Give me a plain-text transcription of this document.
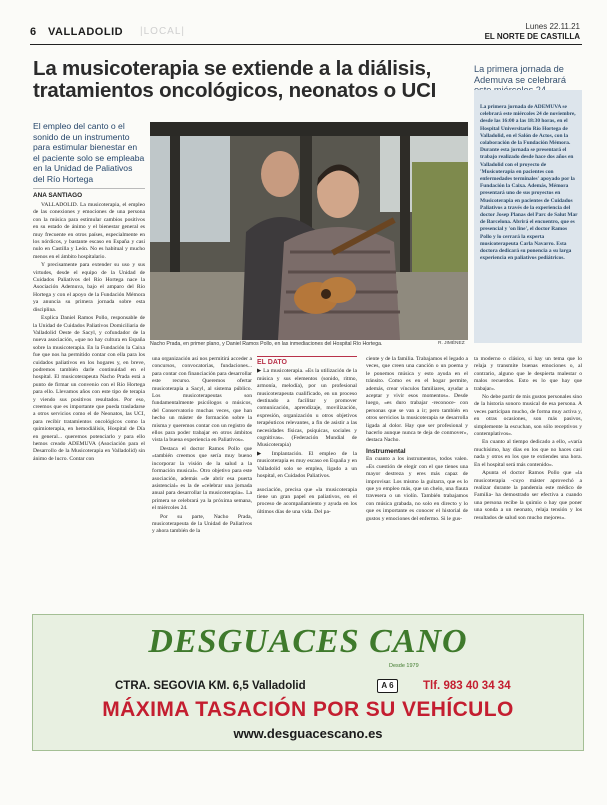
6 VALLADOLID |LOCAL|	Lunes 22.11.21
EL NORTE DE CASTILLA
La musicoterapia se extiende a la diálisis, tratamientos oncológicos, neonatos o UCI
El empleo del canto o el sonido de un instrumento para estimular bienestar en el paciente solo se empleaba en la Unidad de Paliativos del Río Hortega
ANA SANTIAGO

VALLADOLID. La musicoterapia, el empleo de las conexiones y emociones de una persona con la música para estimular cambios positivos en su estado de ánimo y el bienestar general es muy frecuente en otros países, especialmente en los nórdicos, y bastante escaso en España y casi nulo en Castilla y León. No es habitual y mucho menos en el ámbito hospitalario.

Y precisamente para extender su uso y sus virtudes, desde el equipo de la Unidad de Cuidados Paliativos del Río Hortega nace la Asociación Ademuva, bajo el amparo del Río Hortega y con el apoyo de la Fundación Mémora ya anuncia su primera jornada sobre esta disciplina.

Explica Daniel Ramos Pollo, responsable de la Unidad de Cuidados Paliativos Domiciliaria de Valladolid Oeste de Sacyl, y cofundador de la nueva asociación, «que no hay cultura en España sobre la musicoterapia. En la Fundación la Caixa fue que nos ha permitido contar con ella para los cuidados paliativos en los hogares y, en breve, podremos también darle continuidad en el hospital. El musicoterapeuta Nacho Prada está a punto de firmar un convenio con el Río Hortega para ello. Llevamos años con este tipo de terapia y viendo sus positivos resultados. Por eso, creemos que es importante que pueda trasladarse a otros servicios como el de Neonatos, las UCI, para recibir tratamientos oncológicos como la quimioterapia, en hemodiálisis, Hospital de Día en general... queremos potenciarlo y para ello hemos creado ADEMUVA (Asociación para el Desarrollo de la Musicoterapia en Valladolid) sin ánimo de lucro. Contar con

Nacho Prada, en primer plano, y Daniel Ramos Pollo, en las inmediaciones del Hospital Río Hortega.	R. JIMÉNEZ
La primera jornada de Ademuva se celebrará

La primera jornada de ADEMUVA se celebrará este miércoles 24 de noviembre, desde las 16:00 a las 18:30 horas, en el Hospital Universitario Río Hortega de Valladolid, en el Salón de Actos, con la colaboración de la Fundación Mémora. Durante esta jornada se presentará el trabajo realizado desde hace dos años en Valladolid con el proyecto de 'Musicoterapia en pacientes con enfermedades terminales' apoyado por la Fundación la Caixa. Además, Mémora presentará uno de sus proyectos en Musicoterapia en pacientes de Cuidados Paliativos a través de la experiencia del doctor Josep Planas del Parc de Salut Mar de Barcelona. Abrirá el encuentro, que es presencial y 'on line', el doctor Ramos Pollo y lo cerrará la experta musicoterapeuta Carla Navarro. Esta doctora dedicará su ponencia a su larga experiencia en paliativos pediátricos.

una organización así nos permitirá acceder a concursos, convocatorias, fundaciones... para contar con financiación para desarrollar este recurso. Queremos ofertar musicoterapia a Sacyl, al sistema público. Los musicoterapeutas son fundamentalmente psicólogos o músicos, del Conservatorio muchas veces, que han hecho un máster de formación sobre la misma y queremos contar con un registro de ellos para poder trabajar en otros ámbitos vista la buena experiencia en Paliativos».

Destaca el doctor Ramos Pollo que «también creemos que sería muy bueno incorporar la visión de la salud a la formación musical». Otro objetivo para este asociación, además «de abrir esa puerta asistencial» es la de «celebrar una jornada anual para desarrollar la musicoterapia». La primera se celebrará ya la próxima semana, el miércoles 24.

Por su parte, Nacho Prada, musicoterapeuta de la Unidad de Paliativos y ahora también de la

EL DATO

▶ La musicoterapia. «Es la utilización de la música y sus elementos (sonido, ritmo, armonía, melodía), por un profesional musicoterapeuta cualificado, en un proceso destinado a facilitar y promover comunicación, aprendizaje, movilización, expresión, organización u otros objetivos terapéuticos relevantes, a fin de asistir a las necesidades físicas, psíquicas, sociales y cognitivas». (Federación Mundial de Musicoterapia)

▶ Implantación. El empleo de la musicoterapia es muy escaso en España y en Valladolid solo se emplea, ligado a un hospital, en Cuidados Paliativos.

asociación, precisa que «la musicoterapia tiene un gran papel en paliativos, en el proceso de acompañamiento y ayuda en los últimos días de una vida. Del pa-

ciente y de la familia. Trabajamos el legado a veces, que creen una canción o un poema y le ponemos música y esto ayuda en el tránsito. Como es en el hogar permite, además, crear vínculos familiares, ayudar a aceptar y vivir esos momentos». Desde luego, «es duro trabajar -reconoce- con personas que se van a ir; pero también en otros servicios la musicoterapia se desarrolla ligada al dolor. Hay que ser profesional y hacerlo aunque nunca te deja de conmover», destaca Nacho.

Instrumental

En cuanto a los instrumentos, todos valen. «Es cuestión de elegir con el que tienes una mayor destreza y eres más capaz de improvisar. Los mismo la guitarra, que es lo que yo empleo más, que un chelo, una flauta travesera o un violín. También trabajamos con música grabada, no solo en directo y lo que es importante es conocer el historial de gustos y emociones del enfermo. Si le gus-

ta moderno o clásico, si hay un tema que lo relaja y transmite buenas emociones o, al contrario, alguno que le despierta malestar o malos recuerdos. Esto es lo que hay que trabajar».

No debe partir de mis gustos personales sino de la historia sonoro musical de esa persona. A veces participan mucho, de forma muy activa y, en otras ocasiones, son más pasivos, simplemente la escuchan, son sólo receptivos y contemplativos».

En cuanto al tiempo dedicado a ello, «varía muchísimo, hay días en los que no haces casi nada y otros en los que te extiendes una hora. En el hospital será más contenido».

Apunta el doctor Ramos Pollo que «la musicoterapia -cuyo máster aprovechó a realizar durante la pandemia este médico de Familia- ha demostrado ser efectiva a cuando una persona recibe la quimio o hay que poner una sonda a un neonato, relaja tensión y los resultados de salud son mucho mejores».

DESGUACES CANO
Desde 1979
CTRA. SEGOVIA KM. 6,5 Valladolid	A 6	Tlf. 983 40 34 34
MÁXIMA TASACIÓN POR SU VEHÍCULO
www.desguacescano.es
